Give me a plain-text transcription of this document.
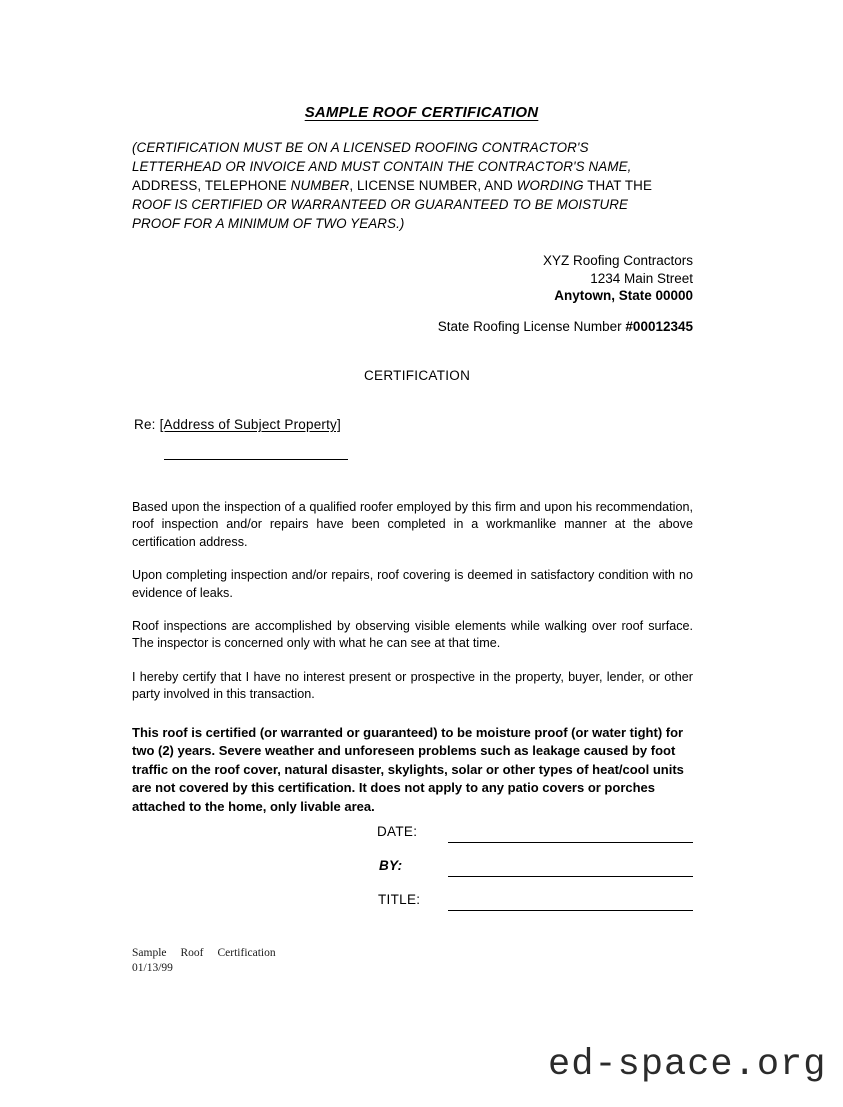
SAMPLE ROOF CERTIFICATION
(CERTIFICATION MUST BE ON A LICENSED ROOFING CONTRACTOR'S
LETTERHEAD OR INVOICE AND MUST CONTAIN THE CONTRACTOR'S NAME,
ADDRESS, TELEPHONE NUMBER, LICENSE NUMBER, AND WORDING THAT THE
ROOF IS CERTIFIED OR WARRANTEED OR GUARANTEED TO BE MOISTURE
PROOF FOR A MINIMUM OF TWO YEARS.)
XYZ Roofing Contractors
1234 Main Street
Anytown, State 00000
State Roofing License Number #00012345
CERTIFICATION
Re: [Address of Subject Property]

Based upon the inspection of a qualified roofer employed by this firm and upon his recommendation, roof inspection and/or repairs have been completed in a workmanlike manner at the above certification address.

Upon completing inspection and/or repairs, roof covering is deemed in satisfactory condition with no evidence of leaks.

Roof inspections are accomplished by observing visible elements while walking over roof surface. The inspector is concerned only with what he can see at that time.

I hereby certify that I have no interest present or prospective in the property, buyer, lender, or other party involved in this transaction.

This roof is certified (or warranted or guaranteed) to be moisture proof (or water tight) for two (2) years. Severe weather and unforeseen problems such as leakage caused by foot traffic on the roof cover, natural disaster, skylights, solar or other types of heat/cool units are not covered by this certification. It does not apply to any patio covers or porches attached to the home, only livable area.

DATE:
BY:
TITLE:
Sample Roof Certification
01/13/99
ed-space.org
